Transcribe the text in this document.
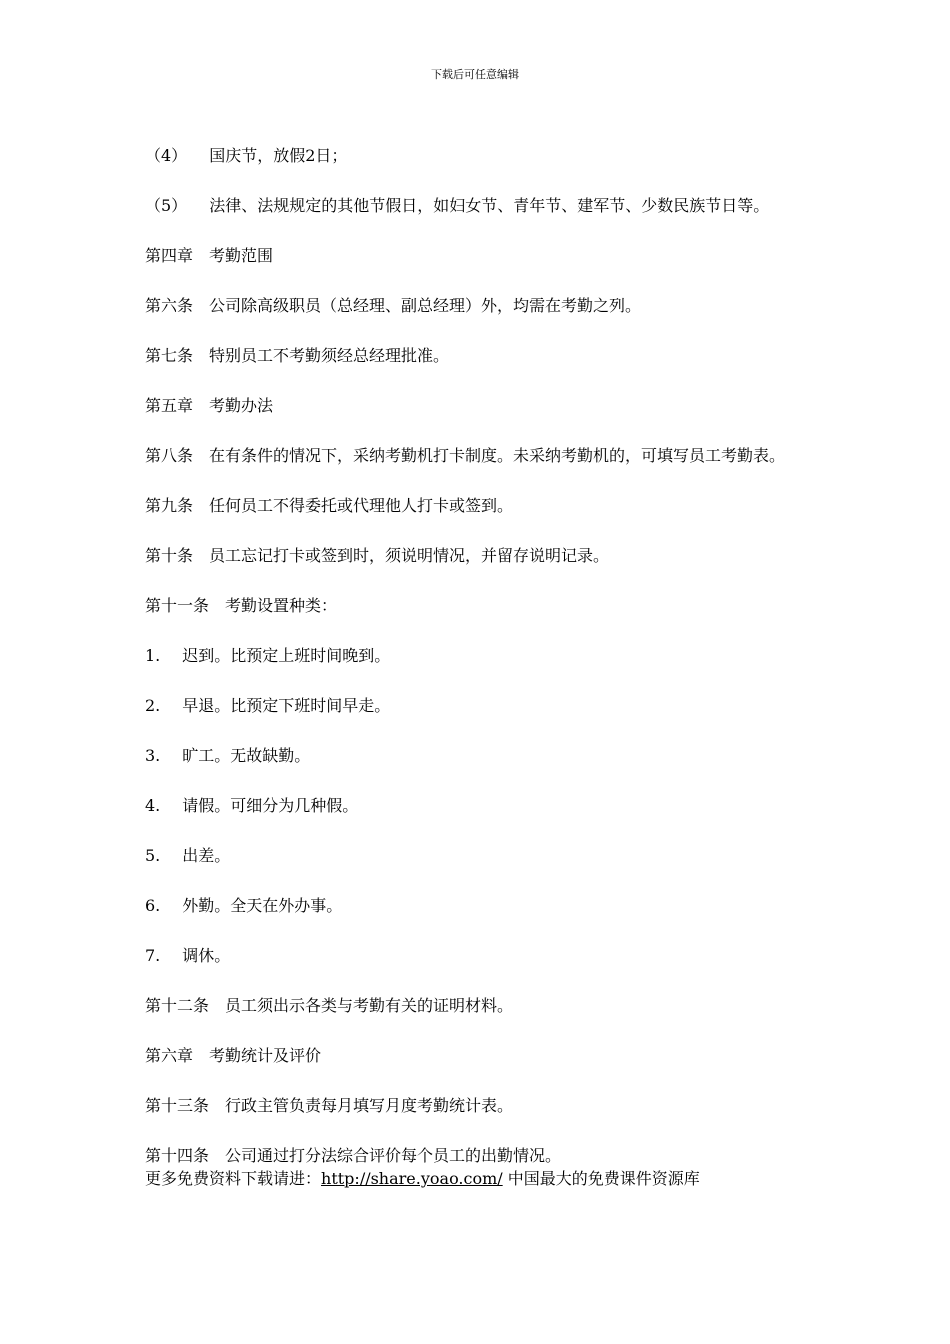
下载后可任意编辑

（4） 国庆节，放假2日；

（5） 法律、法规规定的其他节假日，如妇女节、青年节、建军节、少数民族节日等。

第四章 考勤范围

第六条 公司除高级职员（总经理、副总经理）外，均需在考勤之列。

第七条 特别员工不考勤须经总经理批准。

第五章 考勤办法

第八条 在有条件的情况下，采纳考勤机打卡制度。未采纳考勤机的，可填写员工考勤表。

第九条 任何员工不得委托或代理他人打卡或签到。

第十条 员工忘记打卡或签到时，须说明情况，并留存说明记录。

第十一条 考勤设置种类：

1. 迟到。比预定上班时间晚到。

2. 早退。比预定下班时间早走。

3. 旷工。无故缺勤。

4. 请假。可细分为几种假。

5. 出差。

6. 外勤。全天在外办事。

7. 调休。

第十二条 员工须出示各类与考勤有关的证明材料。

第六章 考勤统计及评价

第十三条 行政主管负责每月填写月度考勤统计表。

第十四条 公司通过打分法综合评价每个员工的出勤情况。

更多免费资料下载请进：http://share.yoao.com/ 中国最大的免费课件资源库
